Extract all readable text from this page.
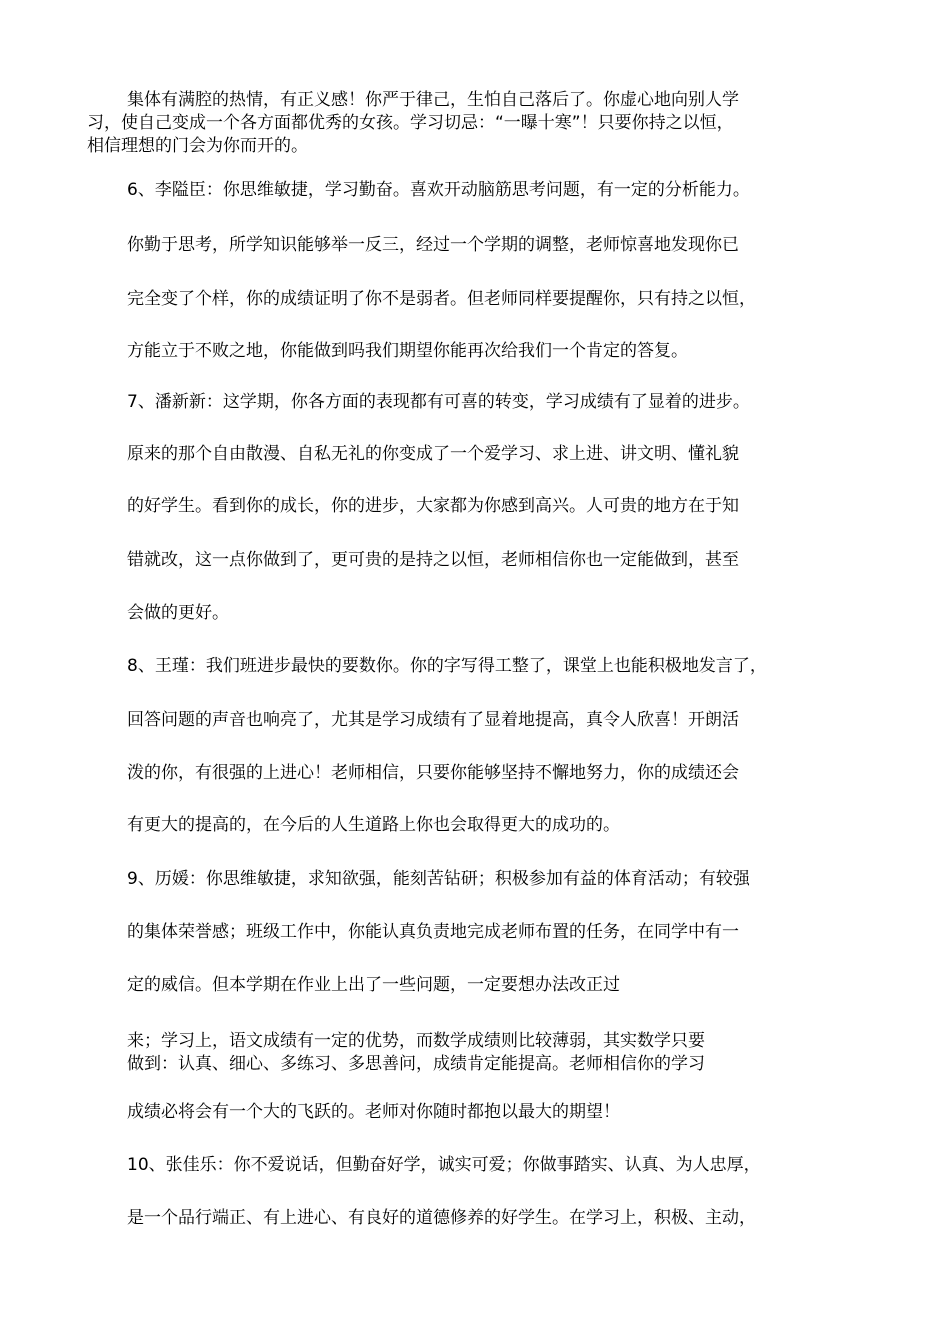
集体有满腔的热情，有正义感！你严于律己，生怕自己落后了。你虚心地向别人学

习，使自己变成一个各方面都优秀的女孩。学习切忌：“一曝十寒”！只要你持之以恒，

相信理想的门会为你而开的。

6、李隘臣：你思维敏捷，学习勤奋。喜欢开动脑筋思考问题，有一定的分析能力。

你勤于思考，所学知识能够举一反三，经过一个学期的调整，老师惊喜地发现你已

完全变了个样，你的成绩证明了你不是弱者。但老师同样要提醒你，只有持之以恒，

方能立于不败之地，你能做到吗我们期望你能再次给我们一个肯定的答复。

7、潘新新：这学期，你各方面的表现都有可喜的转变，学习成绩有了显着的进步。

原来的那个自由散漫、自私无礼的你变成了一个爱学习、求上进、讲文明、懂礼貌

的好学生。看到你的成长，你的进步，大家都为你感到高兴。人可贵的地方在于知

错就改，这一点你做到了，更可贵的是持之以恒，老师相信你也一定能做到，甚至

会做的更好。

8、王瑾：我们班进步最快的要数你。你的字写得工整了，课堂上也能积极地发言了，

回答问题的声音也响亮了，尤其是学习成绩有了显着地提高，真令人欣喜！开朗活

泼的你，有很强的上进心！老师相信，只要你能够坚持不懈地努力，你的成绩还会

有更大的提高的，在今后的人生道路上你也会取得更大的成功的。

9、历媛：你思维敏捷，求知欲强，能刻苦钻研；积极参加有益的体育活动；有较强

的集体荣誉感；班级工作中，你能认真负责地完成老师布置的任务，在同学中有一

定的威信。但本学期在作业上出了一些问题，一定要想办法改正过

来；学习上，语文成绩有一定的优势，而数学成绩则比较薄弱，其实数学只要

做到：认真、细心、多练习、多思善问，成绩肯定能提高。老师相信你的学习

成绩必将会有一个大的飞跃的。老师对你随时都抱以最大的期望！

10、张佳乐：你不爱说话，但勤奋好学，诚实可爱；你做事踏实、认真、为人忠厚，

是一个品行端正、有上进心、有良好的道德修养的好学生。在学习上，积极、主动，
